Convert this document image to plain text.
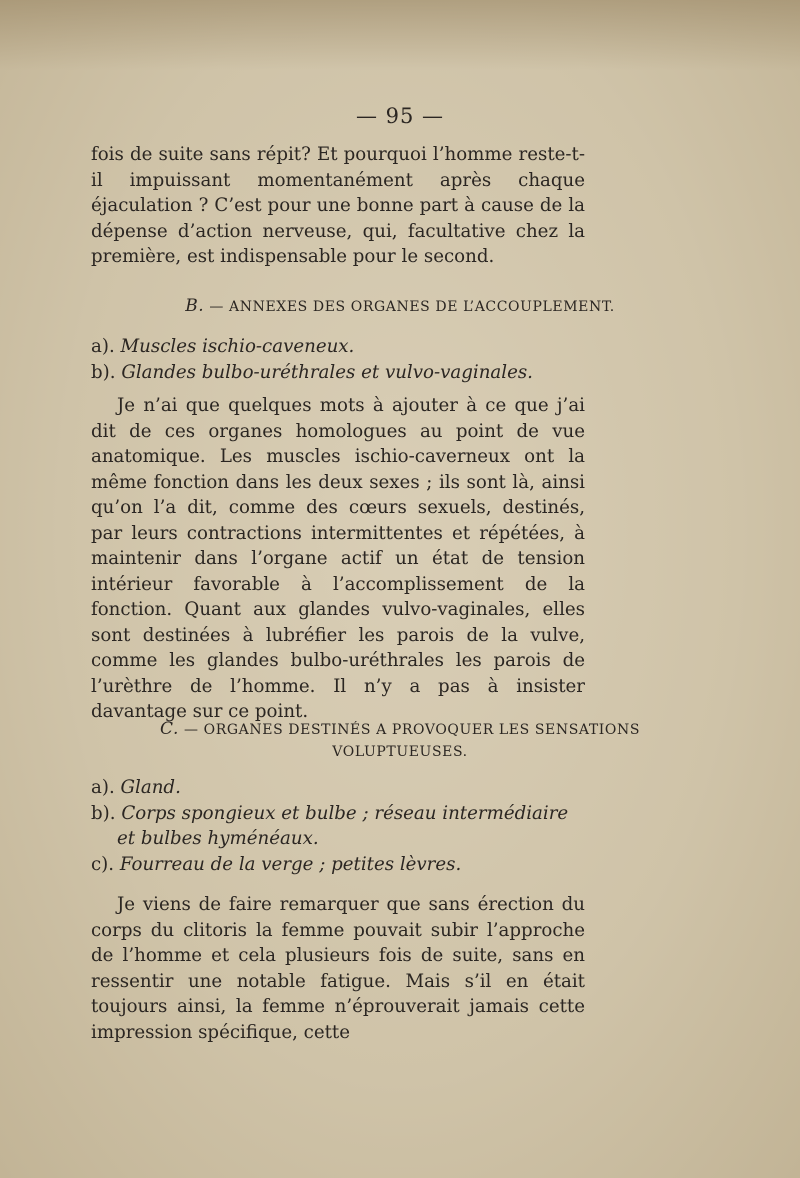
— 95 —

fois de suite sans répit? Et pourquoi l’homme reste-t-il impuissant momentanément après chaque éjaculation ? C’est pour une bonne part à cause de la dépense d’action nerveuse, qui, facultative chez la première, est indispensable pour le second.

B. — ANNEXES DES ORGANES DE L’ACCOUPLEMENT.
a). Muscles ischio-caveneux.
b). Glandes bulbo-uréthrales et vulvo-vaginales.

Je n’ai que quelques mots à ajouter à ce que j’ai dit de ces organes homologues au point de vue anatomique. Les muscles ischio-caverneux ont la même fonction dans les deux sexes ; ils sont là, ainsi qu’on l’a dit, comme des cœurs sexuels, destinés, par leurs contractions intermittentes et répétées, à maintenir dans l’organe actif un état de tension intérieur favorable à l’accomplissement de la fonction. Quant aux glandes vulvo-vaginales, elles sont destinées à lubréfier les parois de la vulve, comme les glandes bulbo-uréthrales les parois de l’urèthre de l’homme. Il n’y a pas à insister davantage sur ce point.

C. — ORGANES DESTINÉS A PROVOQUER LES SENSATIONS
VOLUPTUEUSES.
a). Gland.
b). Corps spongieux et bulbe ; réseau intermédiaire et bulbes hyménéaux.
c). Fourreau de la verge ; petites lèvres.

Je viens de faire remarquer que sans érection du corps du clitoris la femme pouvait subir l’approche de l’homme et cela plusieurs fois de suite, sans en ressentir une notable fatigue. Mais s’il en était toujours ainsi, la femme n’éprouverait jamais cette impression spécifique, cette
